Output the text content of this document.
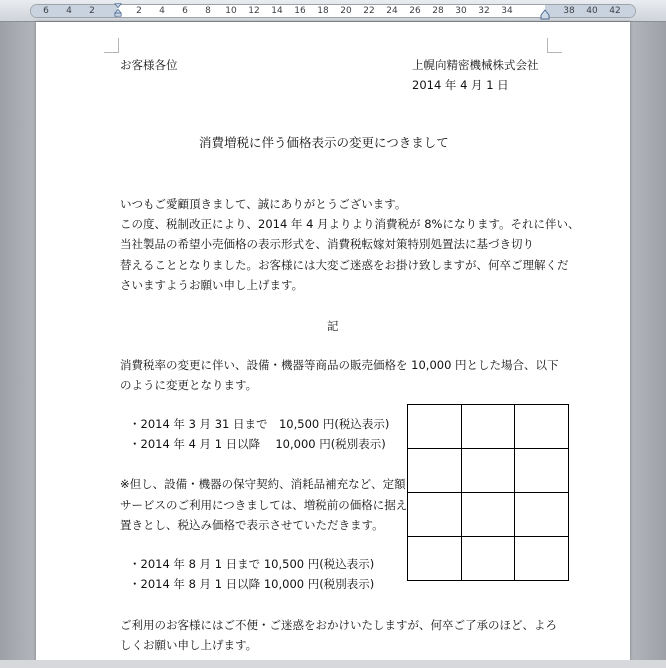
6 4 2	2 4 6 8 10 12 14 16 18 20 22 24 26 28 30 32 34	38 40 42
お客様各位	上幌向精密機械株式会社
2014 年 4 月 1 日
消費増税に伴う価格表示の変更につきまして
いつもご愛顧頂きまして、誠にありがとうございます。
この度、税制改正により、2014 年 4 月よりより消費税が 8%になります。それに伴い、
当社製品の希望小売価格の表示形式を、消費税転嫁対策特別処置法に基づき切り
替えることとなりました。お客様には大変ご迷惑をお掛け致しますが、何卒ご理解くだ
さいますようお願い申し上げます。
記
消費税率の変更に伴い、設備・機器等商品の販売価格を 10,000 円とした場合、以下
のように変更となります。
・2014 年 3 月 31 日まで　10,500 円(税込表示)
・2014 年 4 月 1 日以降　 10,000 円(税別表示)
※但し、設備・機器の保守契約、消耗品補充など、定額
サービスのご利用につきましては、増税前の価格に据え
置きとし、税込み価格で表示させていただきます。
・2014 年 8 月 1 日まで 10,500 円(税込表示)
・2014 年 8 月 1 日以降 10,000 円(税別表示)
ご利用のお客様にはご不便・ご迷惑をおかけいたしますが、何卒ご了承のほど、よろ
しくお願い申し上げます。
